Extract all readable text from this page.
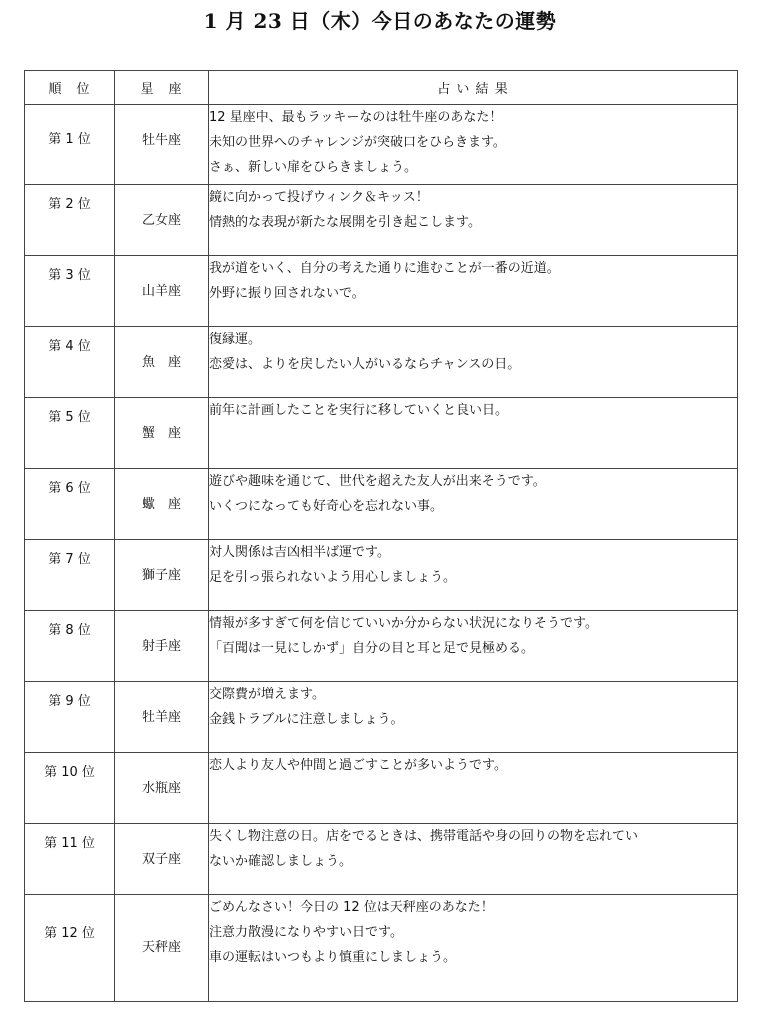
1 月 23 日（木）今日のあなたの運勢
順　位	星　座	占 い 結 果

第 1 位	牡牛座	12 星座中、最もラッキーなのは牡牛座のあなた！
未知の世界へのチャレンジが突破口をひらきます。
さぁ、新しい扉をひらきましょう。

第 2 位	乙女座	鏡に向かって投げウィンク＆キッス！
情熱的な表現が新たな展開を引き起こします。

第 3 位	山羊座	我が道をいく、自分の考えた通りに進むことが一番の近道。
外野に振り回されないで。

第 4 位	魚　座	復縁運。
恋愛は、よりを戻したい人がいるならチャンスの日。

第 5 位	蟹　座	前年に計画したことを実行に移していくと良い日。

第 6 位	蠍　座	遊びや趣味を通じて、世代を超えた友人が出来そうです。
いくつになっても好奇心を忘れない事。

第 7 位	獅子座	対人関係は吉凶相半ば運です。
足を引っ張られないよう用心しましょう。

第 8 位	射手座	情報が多すぎて何を信じていいか分からない状況になりそうです。
「百聞は一見にしかず」自分の目と耳と足で見極める。

第 9 位	牡羊座	交際費が増えます。
金銭トラブルに注意しましょう。

第 10 位	水瓶座	恋人より友人や仲間と過ごすことが多いようです。

第 11 位	双子座	失くし物注意の日。店をでるときは、携帯電話や身の回りの物を忘れてい
ないか確認しましょう。

第 12 位	天秤座	ごめんなさい！今日の 12 位は天秤座のあなた！
注意力散漫になりやすい日です。
車の運転はいつもより慎重にしましょう。
